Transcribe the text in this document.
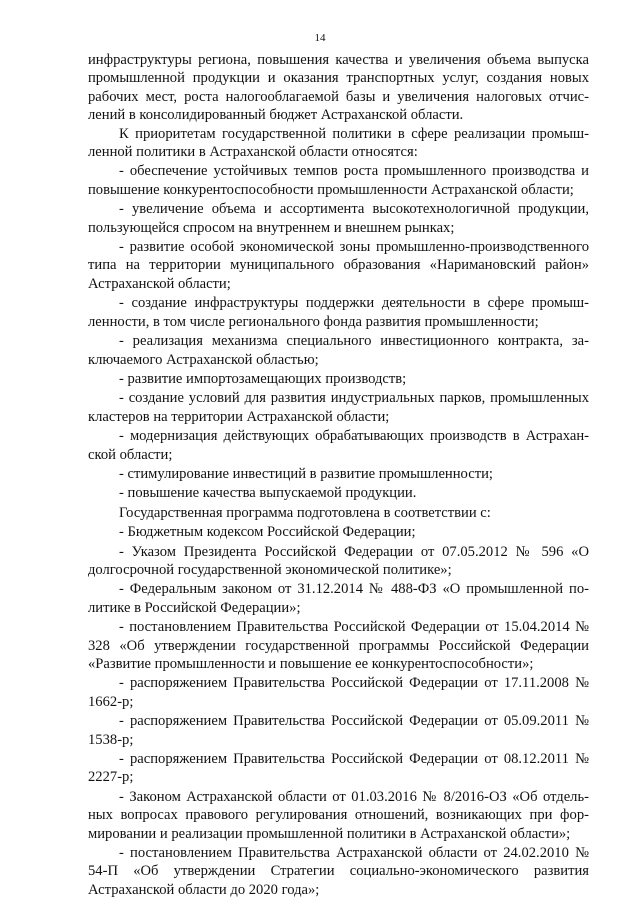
14

инфраструктуры региона, повышения качества и увеличения объема выпуска промышленной продукции и оказания транспортных услуг, создания новых рабочих мест, роста налогооблагаемой базы и увеличения налоговых отчислений в консолидированный бюджет Астраханской области.

К приоритетам государственной политики в сфере реализации промышленной политики в Астраханской области относятся:

- обеспечение устойчивых темпов роста промышленного производства и повышение конкурентоспособности промышленности Астраханской области;

- увеличение объема и ассортимента высокотехнологичной продукции, пользующейся спросом на внутреннем и внешнем рынках;

- развитие особой экономической зоны промышленно-производственного типа на территории муниципального образования «Наримановский район» Астраханской области;

- создание инфраструктуры поддержки деятельности в сфере промышленности, в том числе регионального фонда развития промышленности;

- реализация механизма специального инвестиционного контракта, заключаемого Астраханской областью;

- развитие импортозамещающих производств;

- создание условий для развития индустриальных парков, промышленных кластеров на территории Астраханской области;

- модернизация действующих обрабатывающих производств в Астраханской области;

- стимулирование инвестиций в развитие промышленности;

- повышение качества выпускаемой продукции.

Государственная программа подготовлена в соответствии с:

- Бюджетным кодексом Российской Федерации;

- Указом Президента Российской Федерации от 07.05.2012 № 596 «О долгосрочной государственной экономической политике»;

- Федеральным законом от 31.12.2014 № 488-ФЗ «О промышленной политике в Российской Федерации»;

- постановлением Правительства Российской Федерации от 15.04.2014 № 328 «Об утверждении государственной программы Российской Федерации «Развитие промышленности и повышение ее конкурентоспособности»;

- распоряжением Правительства Российской Федерации от 17.11.2008 № 1662-р;

- распоряжением Правительства Российской Федерации от 05.09.2011 № 1538-р;

- распоряжением Правительства Российской Федерации от 08.12.2011 № 2227-р;

- Законом Астраханской области от 01.03.2016 № 8/2016-ОЗ «Об отдельных вопросах правового регулирования отношений, возникающих при формировании и реализации промышленной политики в Астраханской области»;

- постановлением Правительства Астраханской области от 24.02.2010 № 54-П «Об утверждении Стратегии социально-экономического развития Астраханской области до 2020 года»;
